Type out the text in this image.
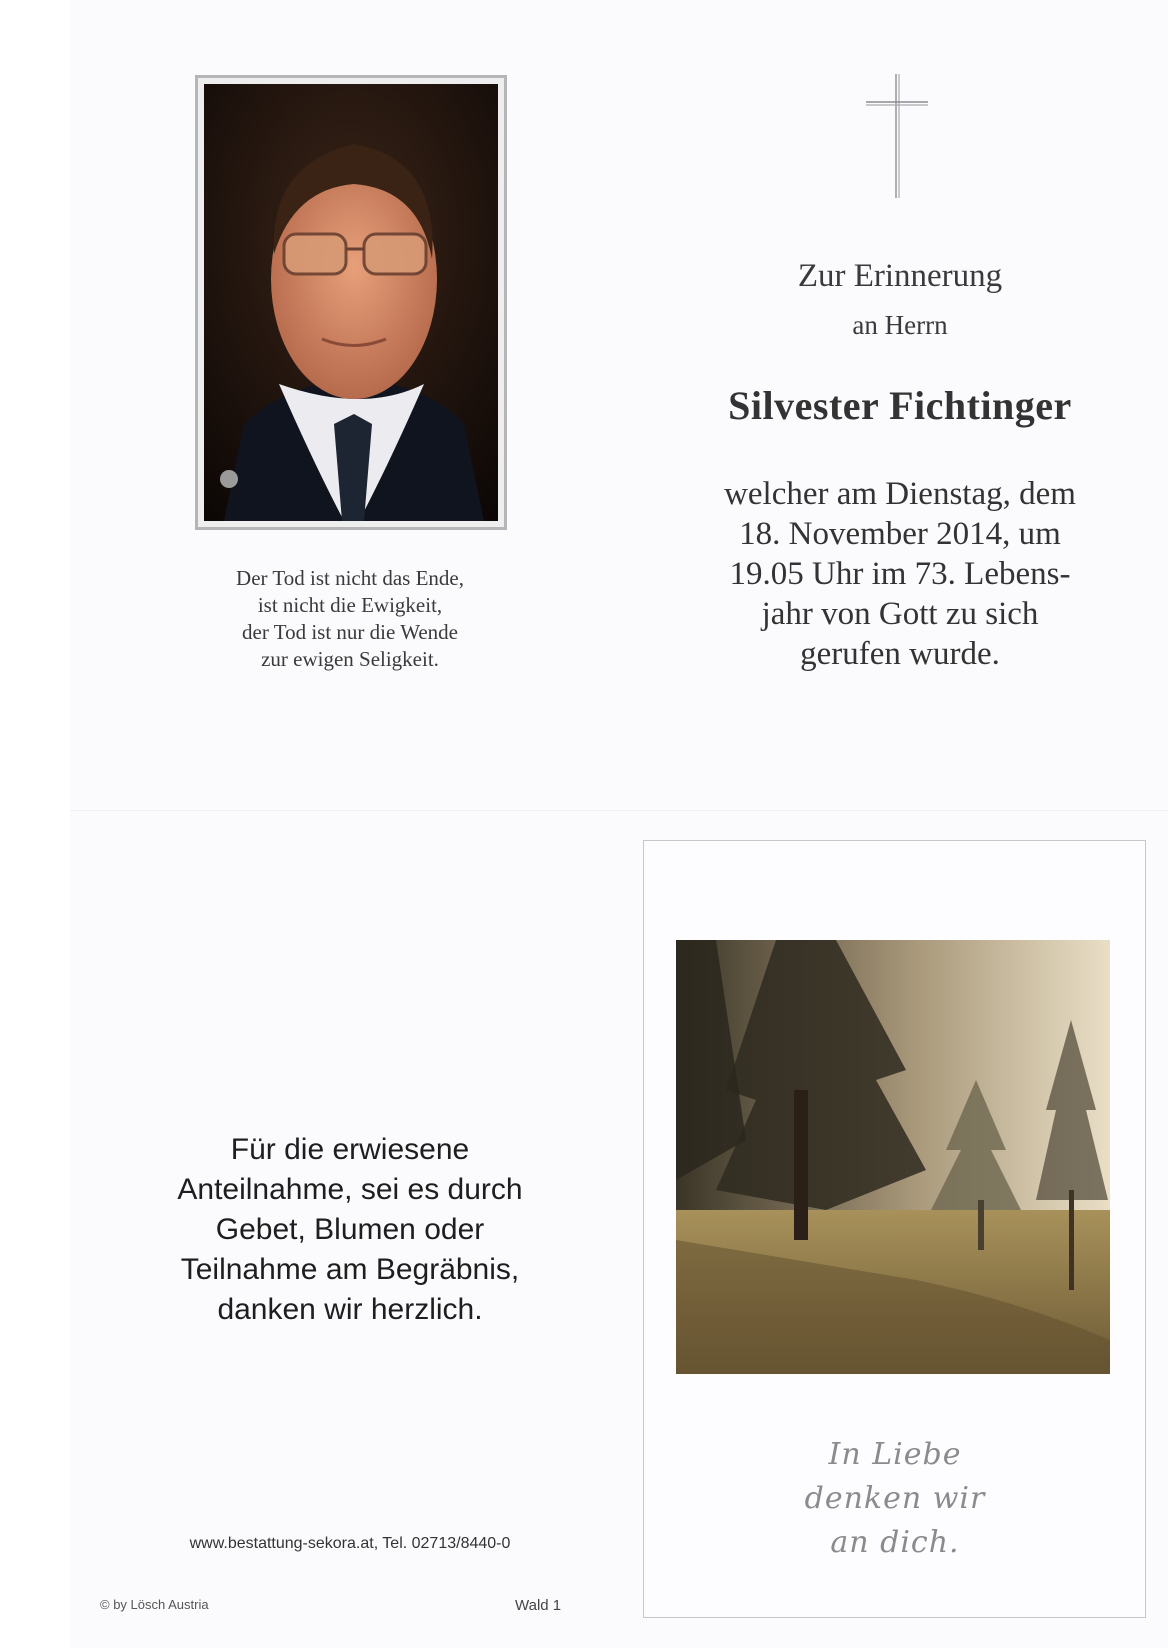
Der Tod ist nicht das Ende,
ist nicht die Ewigkeit,
der Tod ist nur die Wende
zur ewigen Seligkeit.
Zur Erinnerung
an Herrn
Silvester Fichtinger
welcher am Dienstag, dem
18. November 2014, um
19.05 Uhr im 73. Lebens-
jahr von Gott zu sich
gerufen wurde.
Für die erwiesene
Anteilnahme, sei es durch
Gebet, Blumen oder
Teilnahme am Begräbnis,
danken wir herzlich.
www.bestattung-sekora.at, Tel. 02713/8440-0
© by Lösch Austria	Wald 1
In Liebe
denken wir
an dich.
